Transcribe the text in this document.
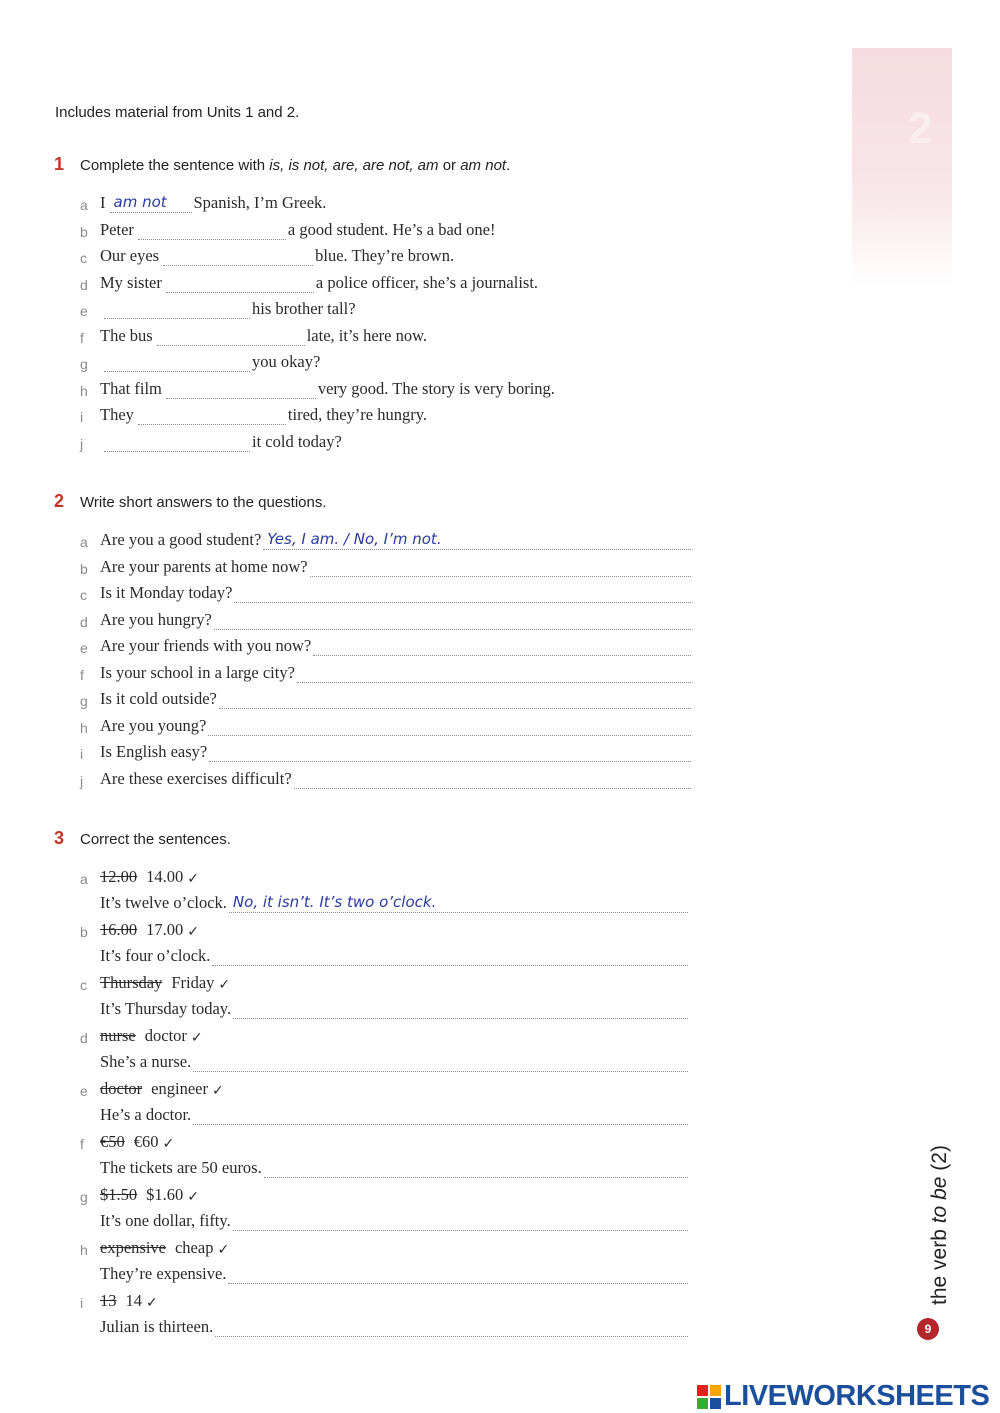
2
Includes material from Units 1 and 2.
1	Complete the sentence with is, is not, are, are not, am or am not.
a I am not Spanish, I’m Greek.
b Peter	a good student. He’s a bad one!
c Our eyes	blue. They’re brown.
d My sister	a police officer, she’s a journalist.
e	his brother tall?
f The bus	late, it’s here now.
g	you okay?
h That film	very good. The story is very boring.
i	They	tired, they’re hungry.
j	it cold today?
2	Write short answers to the questions.
a Are you a good student? Yes, I am. / No, I’m not.
b Are your parents at home now?
c Is it Monday today?
d Are you hungry?
e Are your friends with you now?
f Is your school in a large city?
g Is it cold outside?
h Are you young?
i	Is English easy?
j	Are these exercises difficult?
3	Correct the sentences.
a 12.00 14.00 ✓
It’s twelve o’clock. No, it isn’t. It’s two o’clock.
b 16.00 17.00 ✓
It’s four o’clock.
c Thursday Friday ✓
It’s Thursday today.
d nurse doctor ✓
She’s a nurse.
e doctor engineer ✓
He’s a doctor.
f €50 €60 ✓
The tickets are 50 euros.
g $1.50 $1.60 ✓
It’s one dollar, fifty.
h expensive cheap ✓
They’re expensive.
i	13 14 ✓
Julian is thirteen.
the verb to be (2)
9
LIVEWORKSHEETS
